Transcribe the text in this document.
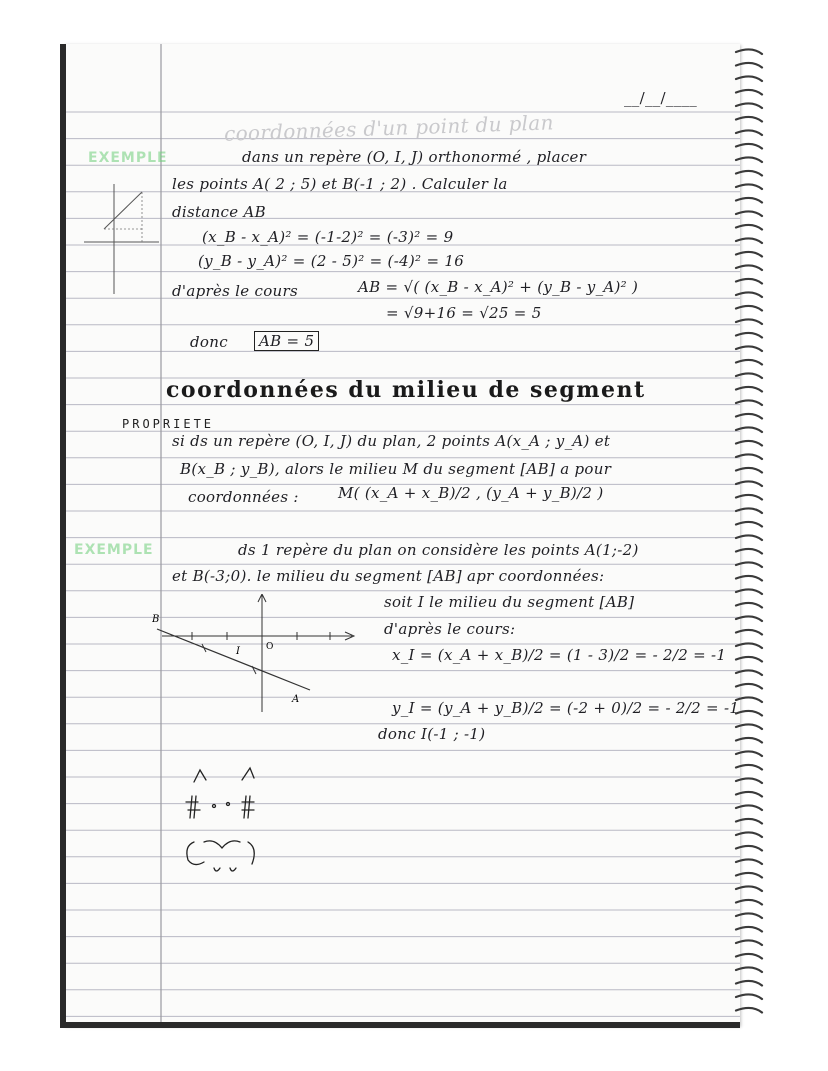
coordonnées d'un point du plan
__/__/____
EXEMPLE	dans un repère (O, I, J) orthonormé , placer
les points A( 2 ; 5) et B(-1 ; 2) . Calculer la
distance AB
(x_B - x_A)² = (-1-2)² = (-3)² = 9
(y_B - y_A)² = (2 - 5)² = (-4)² = 16
d'après le cours	AB = √( (x_B - x_A)² + (y_B - y_A)² )
= √9+16 = √25 = 5
donc	AB = 5
coordonnées du milieu de segment
PROPRIETE
si ds un repère (O, I, J) du plan, 2 points A(x_A ; y_A) et
B(x_B ; y_B), alors le milieu M du segment [AB] a pour
coordonnées :	M( (x_A + x_B)/2 , (y_A + y_B)/2 )
EXEMPLE	ds 1 repère du plan on considère les points A(1;-2)
et B(-3;0). le milieu du segment [AB] apr coordonnées:
soit I le milieu du segment [AB]
d'après le cours:
x_I = (x_A + x_B)/2 = (1 - 3)/2 = - 2/2 = -1
y_I = (y_A + y_B)/2 = (-2 + 0)/2 = - 2/2 = -1
donc I(-1 ; -1)
B
A
I	O
